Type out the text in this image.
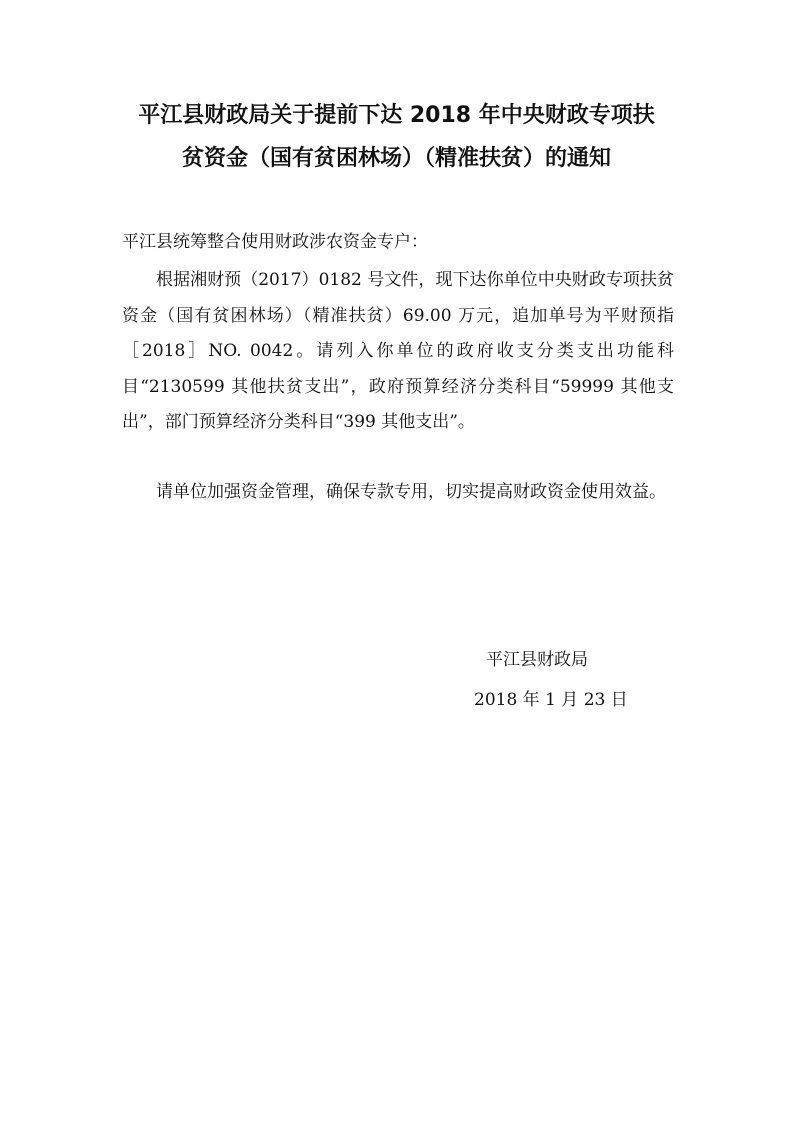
平江县财政局关于提前下达 2018 年中央财政专项扶
贫资金（国有贫困林场）（精准扶贫）的通知
平江县统筹整合使用财政涉农资金专户：

根据湘财预（2017）0182 号文件，现下达你单位中央财政专项扶贫资金（国有贫困林场）（精准扶贫）69.00 万元，追加单号为平财预指［2018］NO. 0042。请列入你单位的政府收支分类支出功能科目“2130599 其他扶贫支出”，政府预算经济分类科目“59999 其他支出”，部门预算经济分类科目“399 其他支出”。

请单位加强资金管理，确保专款专用，切实提高财政资金使用效益。

平江县财政局
2018 年 1 月 23 日
